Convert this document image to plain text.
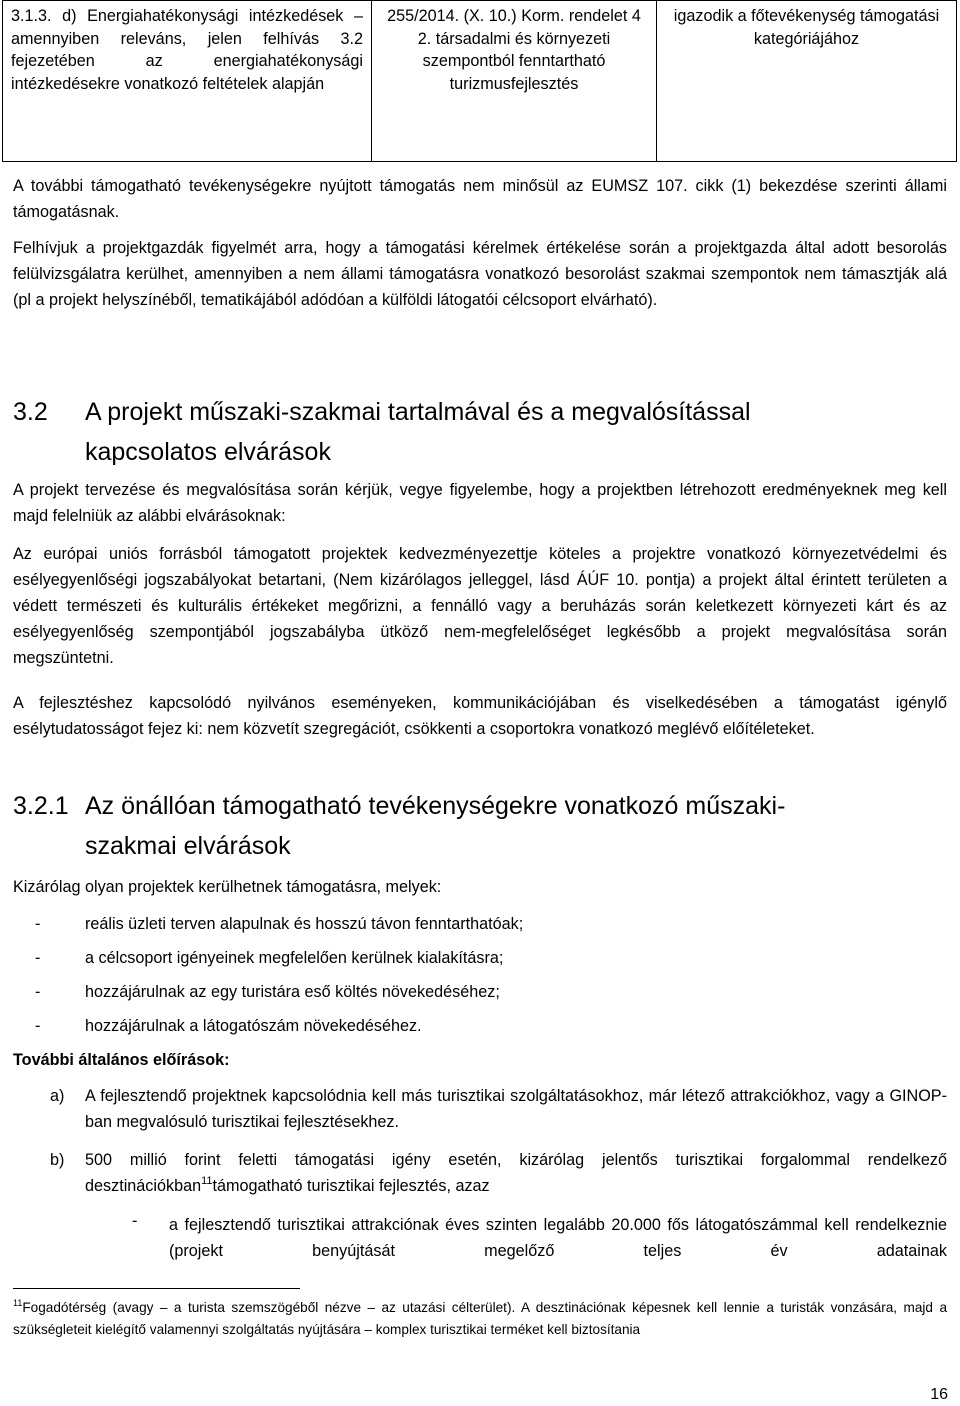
3.1.3. d) Energiahatékonysági intézkedések – amennyiben releváns, jelen felhívás 3.2 fejezetében az energiahatékonysági intézkedésekre vonatkozó feltételek alapján	255/2014. (X. 10.) Korm. rendelet 4 2. társadalmi és környezeti szempontból fenntartható turizmusfejlesztés	igazodik a főtevékenység támogatási kategóriájához

A további támogatható tevékenységekre nyújtott támogatás nem minősül az EUMSZ 107. cikk (1) bekezdése szerinti állami támogatásnak.

Felhívjuk a projektgazdák figyelmét arra, hogy a támogatási kérelmek értékelése során a projektgazda által adott besorolás felülvizsgálatra kerülhet, amennyiben a nem állami támogatásra vonatkozó besorolást szakmai szempontok nem támasztják alá (pl a projekt helyszínéből, tematikájából adódóan a külföldi látogatói célcsoport elvárható).

3.2 A projekt műszaki-szakmai tartalmával és a megvalósítással
kapcsolatos elvárások

A projekt tervezése és megvalósítása során kérjük, vegye figyelembe, hogy a projektben létrehozott eredményeknek meg kell majd felelniük az alábbi elvárásoknak:

Az európai uniós forrásból támogatott projektek kedvezményezettje köteles a projektre vonatkozó környezetvédelmi és esélyegyenlőségi jogszabályokat betartani, (Nem kizárólagos jelleggel, lásd ÁÚF 10. pontja) a projekt által érintett területen a védett természeti és kulturális értékeket megőrizni, a fennálló vagy a beruházás során keletkezett környezeti kárt és az esélyegyenlőség szempontjából jogszabályba ütköző nem-megfelelőséget legkésőbb a projekt megvalósítása során megszüntetni.

A fejlesztéshez kapcsolódó nyilvános eseményeken, kommunikációjában és viselkedésében a támogatást igénylő esélytudatosságot fejez ki: nem közvetít szegregációt, csökkenti a csoportokra vonatkozó meglévő előítéleteket.

3.2.1 Az önállóan támogatható tevékenységekre vonatkozó műszaki-
szakmai elvárások

Kizárólag olyan projektek kerülhetnek támogatásra, melyek:

-	reális üzleti terven alapulnak és hosszú távon fenntarthatóak;
-	a célcsoport igényeinek megfelelően kerülnek kialakításra;
-	hozzájárulnak az egy turistára eső költés növekedéséhez;
-	hozzájárulnak a látogatószám növekedéséhez.

További általános előírások:

a) A fejlesztendő projektnek kapcsolódnia kell más turisztikai szolgáltatásokhoz, már létező attrakciókhoz, vagy a GINOP-ban megvalósuló turisztikai fejlesztésekhez.
b) 500 millió forint feletti támogatási igény esetén, kizárólag jelentős turisztikai forgalommal rendelkező desztinációkban$^{11}$támogatható turisztikai fejlesztés, azaz
-	a fejlesztendő turisztikai attrakciónak éves szinten legalább 20.000 fős látogatószámmal kell rendelkeznie (projekt benyújtását megelőző teljes év adatainak
$^{11}$Fogadótérség (avagy – a turista szemszögéből nézve – az utazási célterület). A desztinációnak képesnek kell lennie a turisták vonzására, majd a szükségleteit kielégítő valamennyi szolgáltatás nyújtására – komplex turisztikai terméket kell biztosítania
16
